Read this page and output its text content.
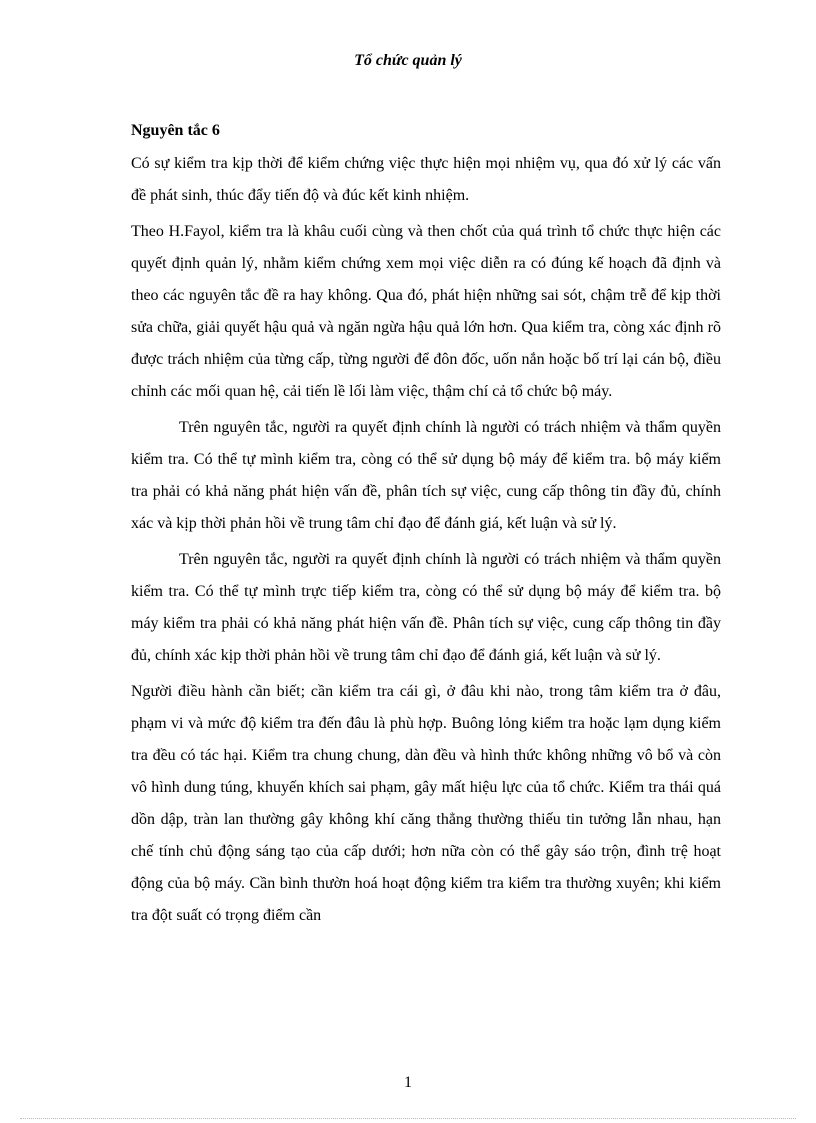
Tổ chức quản lý
Nguyên tắc 6

Có sự kiểm tra kịp thời để kiểm chứng việc thực hiện mọi nhiệm vụ, qua đó xử lý các vấn đề phát sinh, thúc đẩy tiến độ và đúc kết kinh nhiệm.

Theo H.Fayol, kiểm tra là khâu cuối cùng và then chốt của quá trình tổ chức thực hiện các quyết định quản lý, nhằm kiểm chứng xem mọi việc diễn ra có đúng kế hoạch đã định và theo các nguyên tắc đề ra hay không. Qua đó, phát hiện những sai sót, chậm trễ để kịp thời sửa chữa, giải quyết hậu quả và ngăn ngừa hậu quả lớn hơn. Qua kiểm tra, còng xác định rõ được trách nhiệm của từng cấp, từng người để đôn đốc, uốn nắn hoặc bố trí lại cán bộ, điều chỉnh các mối quan hệ, cải tiến lề lối làm việc, thậm chí cả tổ chức bộ máy.

Trên nguyên tắc, người ra quyết định chính là người có trách nhiệm và thẩm quyền kiểm tra. Có thể tự mình kiểm tra, còng có thể sử dụng bộ máy để kiểm tra. bộ máy kiểm tra phải có khả năng phát hiện vấn đề, phân tích sự việc, cung cấp thông tin đầy đủ, chính xác và kịp thời phản hồi về trung tâm chỉ đạo để đánh giá, kết luận và sử lý.

Trên nguyên tắc, người ra quyết định chính là người có trách nhiệm và thẩm quyền kiểm tra. Có thể tự mình trực tiếp kiểm tra, còng có thể sử dụng bộ máy để kiểm tra. bộ máy kiểm tra phải có khả năng phát hiện vấn đề. Phân tích sự việc, cung cấp thông tin đầy đủ, chính xác kịp thời phản hồi về trung tâm chỉ đạo để đánh giá, kết luận và sử lý.

Người điều hành cần biết; cần kiểm tra cái gì, ở đâu khi nào, trong tâm kiểm tra ở đâu, phạm vi và mức độ kiểm tra đến đâu là phù hợp. Buông lỏng kiểm tra hoặc lạm dụng kiểm tra đều có tác hại. Kiểm tra chung chung, dàn đều và hình thức không những vô bổ và còn vô hình dung túng, khuyến khích sai phạm, gây mất hiệu lực của tổ chức. Kiểm tra thái quá dồn dập, tràn lan thường gây không khí căng thẳng thường thiếu tin tưởng lẫn nhau, hạn chế tính chủ động sáng tạo của cấp dưới; hơn nữa còn có thể gây sáo trộn, đình trệ hoạt động của bộ máy. Cần bình thườn hoá hoạt động kiểm tra kiểm tra thường xuyên; khi kiểm tra đột suất có trọng điểm cần

1
